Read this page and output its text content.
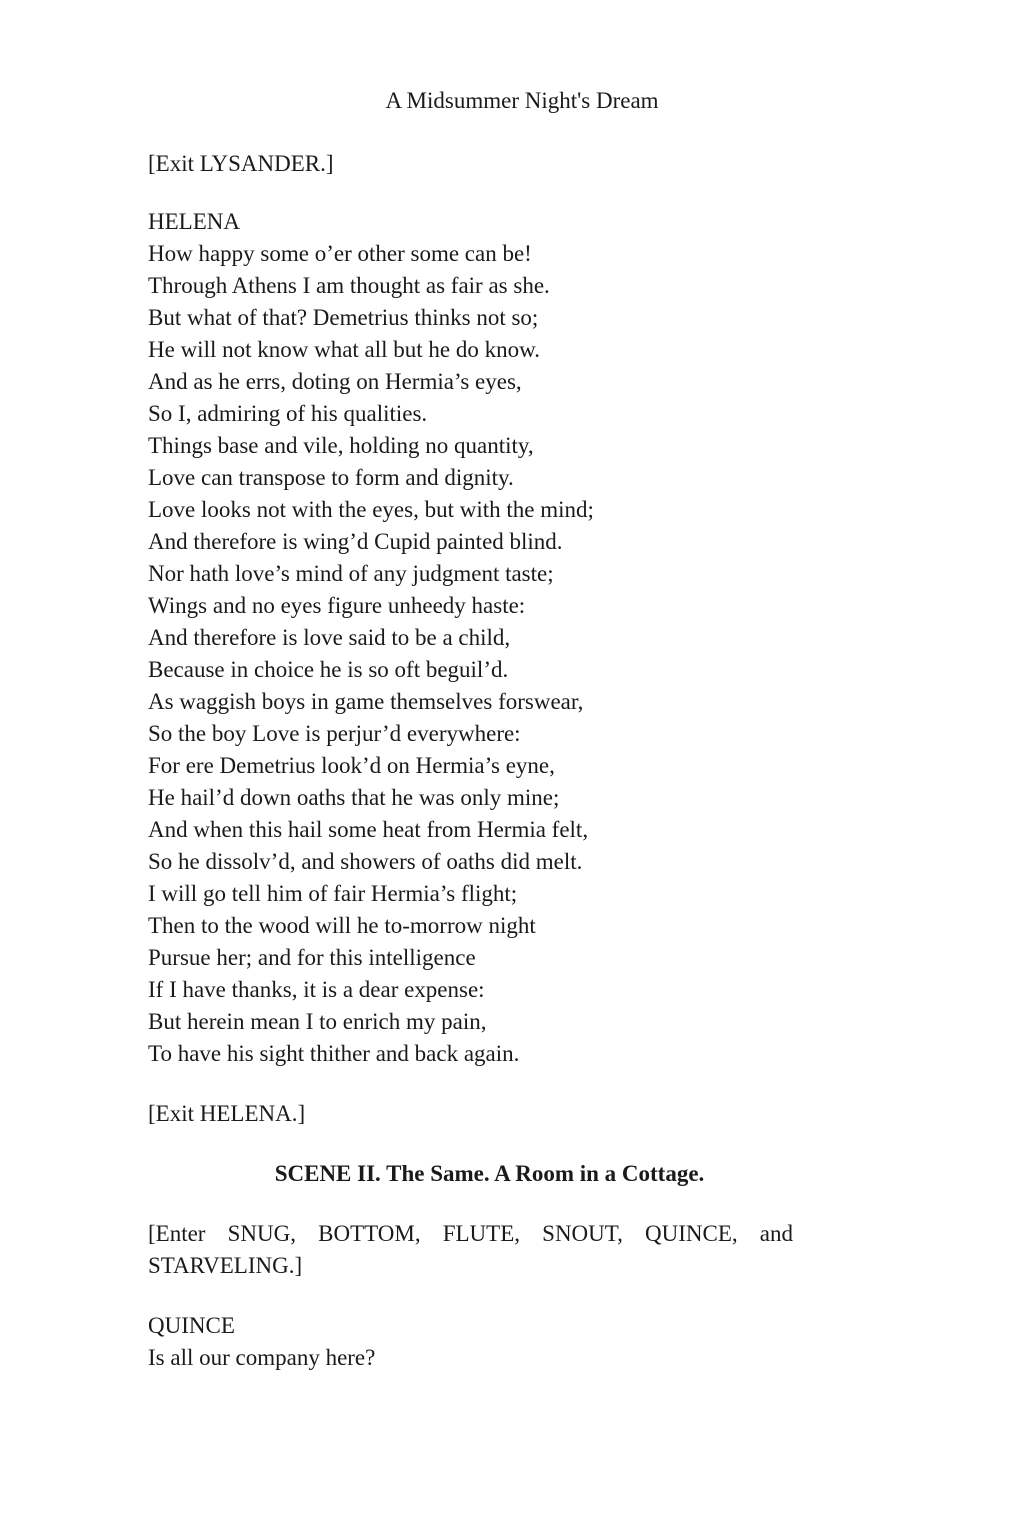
A Midsummer Night's Dream

[Exit LYSANDER.]

HELENA

How happy some o’er other some can be!
Through Athens I am thought as fair as she.
But what of that? Demetrius thinks not so;
He will not know what all but he do know.
And as he errs, doting on Hermia’s eyes,
So I, admiring of his qualities.
Things base and vile, holding no quantity,
Love can transpose to form and dignity.
Love looks not with the eyes, but with the mind;
And therefore is wing’d Cupid painted blind.
Nor hath love’s mind of any judgment taste;
Wings and no eyes figure unheedy haste:
And therefore is love said to be a child,
Because in choice he is so oft beguil’d.
As waggish boys in game themselves forswear,
So the boy Love is perjur’d everywhere:
For ere Demetrius look’d on Hermia’s eyne,
He hail’d down oaths that he was only mine;
And when this hail some heat from Hermia felt,
So he dissolv’d, and showers of oaths did melt.
I will go tell him of fair Hermia’s flight;
Then to the wood will he to-morrow night
Pursue her; and for this intelligence
If I have thanks, it is a dear expense:
But herein mean I to enrich my pain,
To have his sight thither and back again.

[Exit HELENA.]

SCENE II. The Same. A Room in a Cottage.

[Enter SNUG, BOTTOM, FLUTE, SNOUT, QUINCE, and STARVELING.]

QUINCE

Is all our company here?
